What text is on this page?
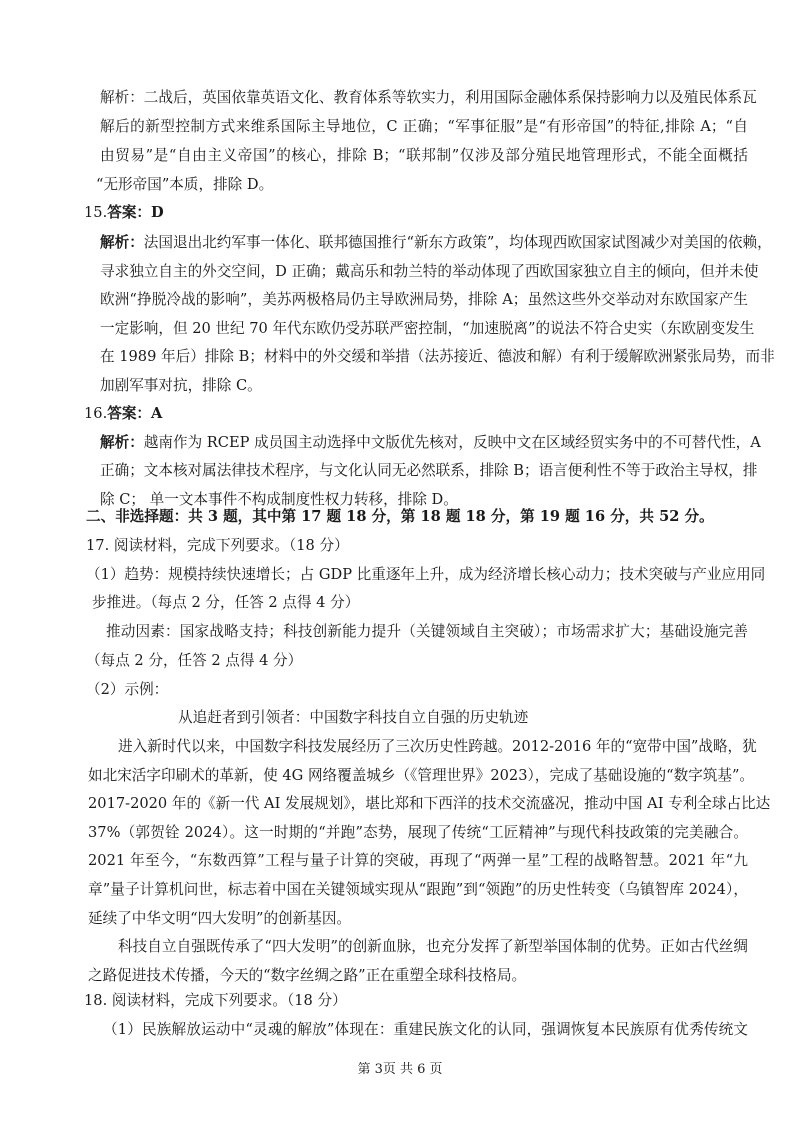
解析：二战后，英国依靠英语文化、教育体系等软实力，利用国际金融体系保持影响力以及殖民体系瓦
解后的新型控制方式来维系国际主导地位，C 正确；“军事征服”是“有形帝国”的特征,排除 A；“自
由贸易”是“自由主义帝国”的核心，排除 B；“联邦制”仅涉及部分殖民地管理形式，不能全面概括
“无形帝国”本质，排除 D。
15.答案：D
解析：法国退出北约军事一体化、联邦德国推行“新东方政策”，均体现西欧国家试图减少对美国的依赖，
寻求独立自主的外交空间，D 正确；戴高乐和勃兰特的举动体现了西欧国家独立自主的倾向，但并未使
欧洲“挣脱冷战的影响”，美苏两极格局仍主导欧洲局势，排除 A；虽然这些外交举动对东欧国家产生
一定影响，但 20 世纪 70 年代东欧仍受苏联严密控制，“加速脱离”的说法不符合史实（东欧剧变发生
在 1989 年后）排除 B；材料中的外交缓和举措（法苏接近、德波和解）有利于缓解欧洲紧张局势，而非
加剧军事对抗，排除 C。
16.答案：A
解析：越南作为 RCEP 成员国主动选择中文版优先核对，反映中文在区域经贸实务中的不可替代性，A
正确；文本核对属法律技术程序，与文化认同无必然联系，排除 B；语言便利性不等于政治主导权，排
除 C； 单一文本事件不构成制度性权力转移，排除 D。
二、非选择题：共 3 题，其中第 17 题 18 分，第 18 题 18 分，第 19 题 16 分，共 52 分。
17. 阅读材料，完成下列要求。（18 分）
（1）趋势：规模持续快速增长；占 GDP 比重逐年上升，成为经济增长核心动力；技术突破与产业应用同
步推进。（每点 2 分，任答 2 点得 4 分）
推动因素：国家战略支持；科技创新能力提升（关键领域自主突破）；市场需求扩大；基础设施完善
（每点 2 分，任答 2 点得 4 分）
（2）示例：
从追赶者到引领者：中国数字科技自立自强的历史轨迹
进入新时代以来，中国数字科技发展经历了三次历史性跨越。2012-2016 年的“宽带中国”战略，犹
如北宋活字印刷术的革新，使 4G 网络覆盖城乡（《管理世界》2023），完成了基础设施的“数字筑基”。
2017-2020 年的《新一代 AI 发展规划》，堪比郑和下西洋的技术交流盛况，推动中国 AI 专利全球占比达
37%（郭贺铨 2024）。这一时期的“并跑”态势，展现了传统“工匠精神”与现代科技政策的完美融合。
2021 年至今，“东数西算”工程与量子计算的突破，再现了“两弹一星”工程的战略智慧。2021 年“九
章”量子计算机问世，标志着中国在关键领域实现从“跟跑”到“领跑”的历史性转变（乌镇智库 2024），
延续了中华文明“四大发明”的创新基因。
科技自立自强既传承了“四大发明”的创新血脉，也充分发挥了新型举国体制的优势。正如古代丝绸
之路促进技术传播，今天的“数字丝绸之路”正在重塑全球科技格局。
18. 阅读材料，完成下列要求。（18 分）
（1）民族解放运动中“灵魂的解放”体现在：重建民族文化的认同，强调恢复本民族原有优秀传统文
第 3页 共 6 页
